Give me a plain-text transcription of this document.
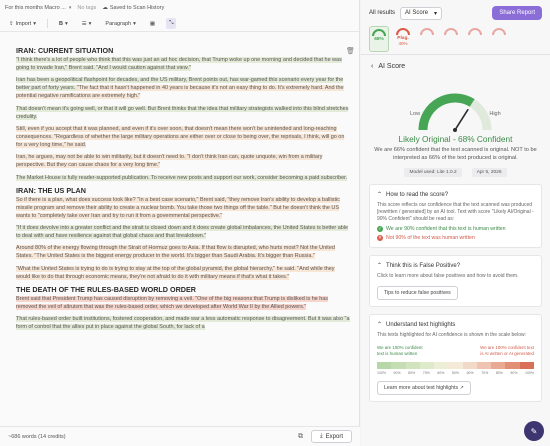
For this months Macro ... ▾ No tags ☁ Saved to Scan History
⇪ Import ▾	B ▾	☰ ▾	Paragraph ▾	▦	⤡
🗑
IRAN: CURRENT SITUATION

"I think there's a lot of people who think that this was just an ad hoc decision, that Trump woke up one morning and decided that he was going to invade Iran," Brent said. "And I would caution against that view."

Iran has been a geopolitical flashpoint for decades, and the US military, Brent points out, has war-gamed this scenario every year for the better part of forty years. "The fact that it hasn't happened in 40 years is because it's not an easy thing to do. It's extremely hard. And the potential negative ramifications are extremely high."

That doesn't mean it's going well, or that it will go well. But Brent thinks that the idea that military strategists walked into this blind stretches credulity.

Still, even if you accept that it was planned, and even if it's over soon, that doesn't mean there won't be unintended and long-reaching consequences. "Regardless of whether the large military operations are either over or close to being over, the reprisals, I think, will go on for a very long time," he said.

Iran, he argues, may not be able to win militarily, but it doesn't need to. "I don't think Iran can, quote unquote, win from a military perspective. But they can cause chaos for a very long time."

The Market House is fully reader-supported publication. To receive new posts and support our work, consider becoming a paid subscriber.

IRAN: THE US PLAN

So if there is a plan, what does success look like? "In a best case scenario," Brent said, "they remove Iran's ability to develop a ballistic missile program and remove their ability to create a nuclear bomb. You take those two things off the table." But he doesn't think the US wants to "completely take over Iran and try to run it from a governmental perspective."

"If it does devolve into a greater conflict and the strait is closed down and it does create global imbalances, the United States is better able to deal with and have resilience against that global chaos and that breakdown."

Around 80% of the energy flowing through the Strait of Hormuz goes to Asia. If that flow is disrupted, who hurts most? Not the United States. "The United States is the biggest energy producer in the world. It's bigger than Saudi Arabia. It's bigger than Russia."

"What the United States is trying to do is trying to stay at the top of the global pyramid, the global hierarchy," he said. "And while they would like to do that through economic means, they're not afraid to do it with military means if that's what it takes."

THE DEATH OF THE RULES-BASED WORLD ORDER

Brent said that President Trump has caused disruption by removing a veil. "One of the big reasons that Trump is disliked is he has removed the veil of altruism that was the rules-based order, which we developed after World War II by the Allied powers."

That rules-based order built institutions, fostered cooperation, and made war a less automatic response to disagreement. But it was also "a form of control that the allies put in place against the global South, for lack of a

~686 words (14 credits)	⧉	⤓ Export
All results AI Score ▾	Share Report
68%	Plag.
40%
‹ AI Score
Low	High
Likely Original - 68% Confident
We are 66% confident that the text scanned is original. NOT to be interpreted as 66% of the text produced is original.
Model used: Lite 1.0.2	Apr 5, 2026
⌃ How to read the score?
This score reflects our confidence that the text scanned was produced [rewritten / generated] by an AI tool. Text with score "Likely AI/Original - 90% Confident" should be read as:
✓ We are 90% confident that this text is human written
✕ Not 90% of the text was human written
⌃ Think this is False Positive?
Click to learn more about false positives and how to avoid them.
Tips to reduce false positives
⌃ Understand text highlights
This texts highlighted for AI confidence is shown in the scale below:
We are 100% confident
text is human written
We are 100% confident text
is AI written or AI generated
100% 90% 80% 70% 60% 50% 60% 70% 80% 90% 100%
Learn more about text highlights ↗
✎
